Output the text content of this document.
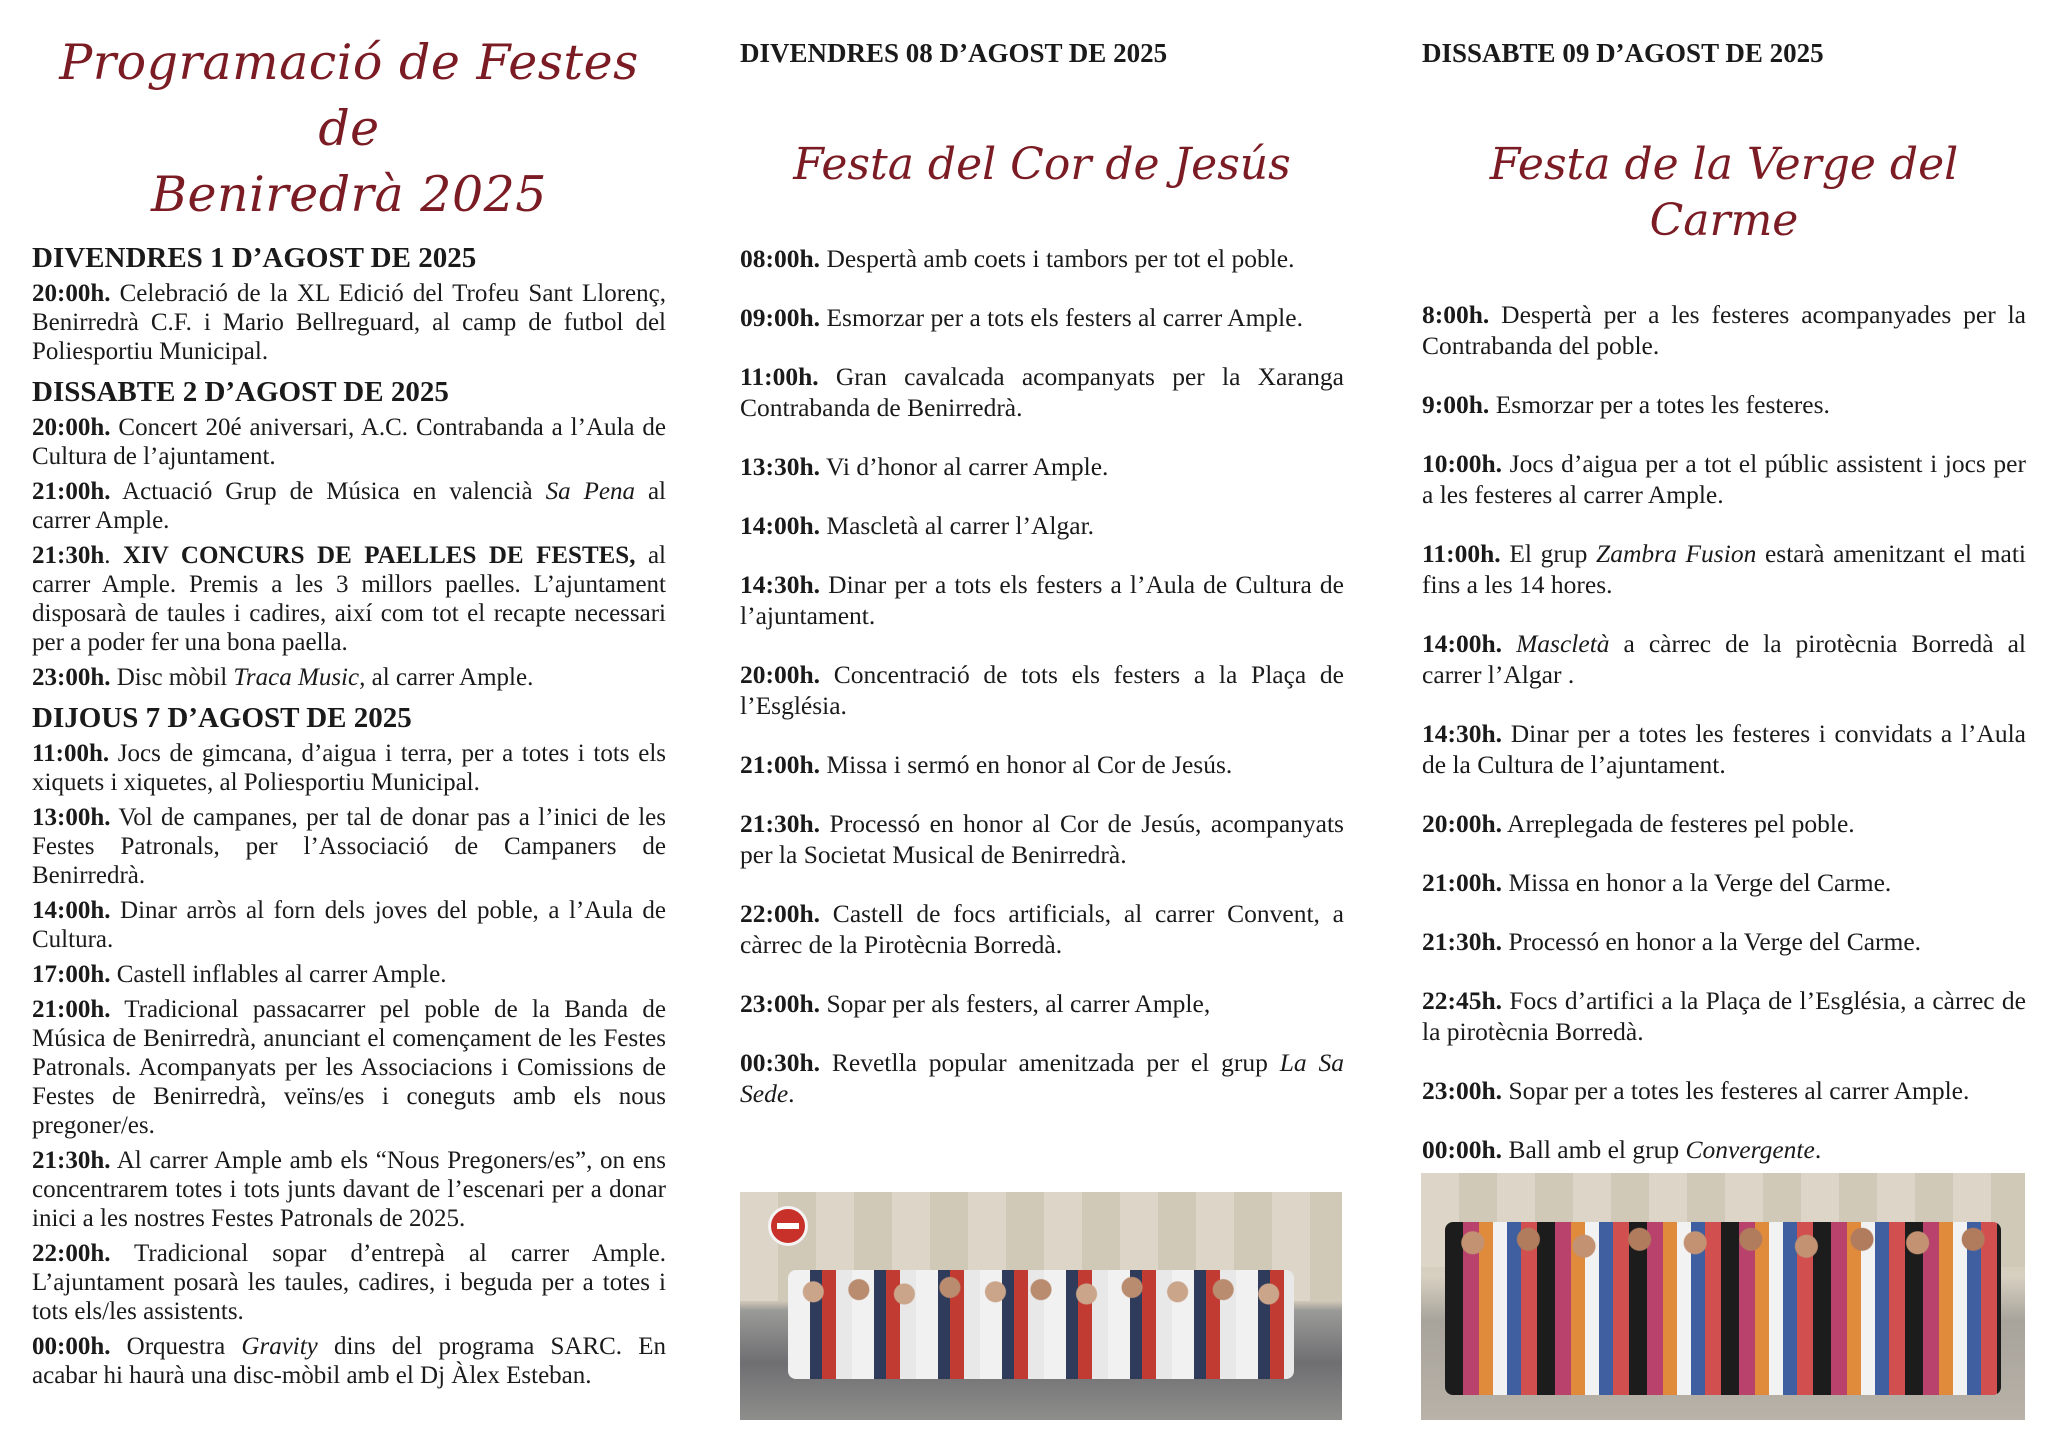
Programació de Festes de
Beniredrà 2025

DIVENDRES 1 D’AGOST DE 2025

20:00h. Celebració de la XL Edició del Trofeu Sant Llorenç, Benirredrà C.F. i Mario Bellreguard, al camp de futbol del Poliesportiu Municipal.

DISSABTE 2 D’AGOST DE 2025

20:00h. Concert 20é aniversari, A.C. Contrabanda a l’Aula de Cultura de l’ajuntament.

21:00h. Actuació Grup de Música en valencià Sa Pena al carrer Ample.

21:30h. XIV CONCURS DE PAELLES DE FESTES, al carrer Ample. Premis a les 3 millors paelles. L’ajuntament disposarà de taules i cadires, així com tot el recapte necessari per a poder fer una bona paella.

23:00h. Disc mòbil Traca Music, al carrer Ample.

DIJOUS 7 D’AGOST DE 2025

11:00h. Jocs de gimcana, d’aigua i terra, per a totes i tots els xiquets i xiquetes, al Poliesportiu Municipal.

13:00h. Vol de campanes, per tal de donar pas a l’inici de les Festes Patronals, per l’Associació de Campaners de Benirredrà.

14:00h. Dinar arròs al forn dels joves del poble, a l’Aula de Cultura.

17:00h. Castell inflables al carrer Ample.

21:00h. Tradicional passacarrer pel poble de la Banda de Música de Benirredrà, anunciant el començament de les Festes Patronals. Acompanyats per les Associacions i Comissions de Festes de Benirredrà, veïns/es i coneguts amb els nous pregoner/es.

21:30h. Al carrer Ample amb els “Nous Pregoners/es”, on ens concentrarem totes i tots junts davant de l’escenari per a donar inici a les nostres Festes Patronals de 2025.

22:00h. Tradicional sopar d’entrepà al carrer Ample. L’ajuntament posarà les taules, cadires, i beguda per a totes i tots els/les assistents.

00:00h. Orquestra Gravity dins del programa SARC. En acabar hi haurà una disc-mòbil amb el Dj Àlex Esteban.

DIVENDRES 08 D’AGOST DE 2025

Festa del Cor de Jesús

08:00h. Despertà amb coets i tambors per tot el poble.

09:00h. Esmorzar per a tots els festers al carrer Ample.

11:00h. Gran cavalcada acompanyats per la Xaranga Contrabanda de Benirredrà.

13:30h. Vi d’honor al carrer Ample.

14:00h. Mascletà al carrer l’Algar.

14:30h. Dinar per a tots els festers a l’Aula de Cultura de l’ajuntament.

20:00h. Concentració de tots els festers a la Plaça de l’Església.

21:00h. Missa i sermó en honor al Cor de Jesús.

21:30h. Processó en honor al Cor de Jesús, acompanyats per la Societat Musical de Benirredrà.

22:00h. Castell de focs artificials, al carrer Convent, a càrrec de la Pirotècnia Borredà.

23:00h. Sopar per als festers, al carrer Ample,

00:30h. Revetlla popular amenitzada per el grup La Sa Sede.

DISSABTE 09 D’AGOST DE 2025

Festa de la Verge del Carme

8:00h. Despertà per a les festeres acompanyades per la Contrabanda del poble.

9:00h. Esmorzar per a totes les festeres.

10:00h. Jocs d’aigua per a tot el públic assistent i jocs per a les festeres al carrer Ample.

11:00h. El grup Zambra Fusion estarà amenitzant el mati fins a les 14 hores.

14:00h. Mascletà a càrrec de la pirotècnia Borredà al carrer l’Algar .

14:30h. Dinar per a totes les festeres i convidats a l’Aula de la Cultura de l’ajuntament.

20:00h. Arreplegada de festeres pel poble.

21:00h. Missa en honor a la Verge del Carme.

21:30h. Processó en honor a la Verge del Carme.

22:45h. Focs d’artifici a la Plaça de l’Església, a càrrec de la pirotècnia Borredà.

23:00h. Sopar per a totes les festeres al carrer Ample.

00:00h. Ball amb el grup Convergente.
